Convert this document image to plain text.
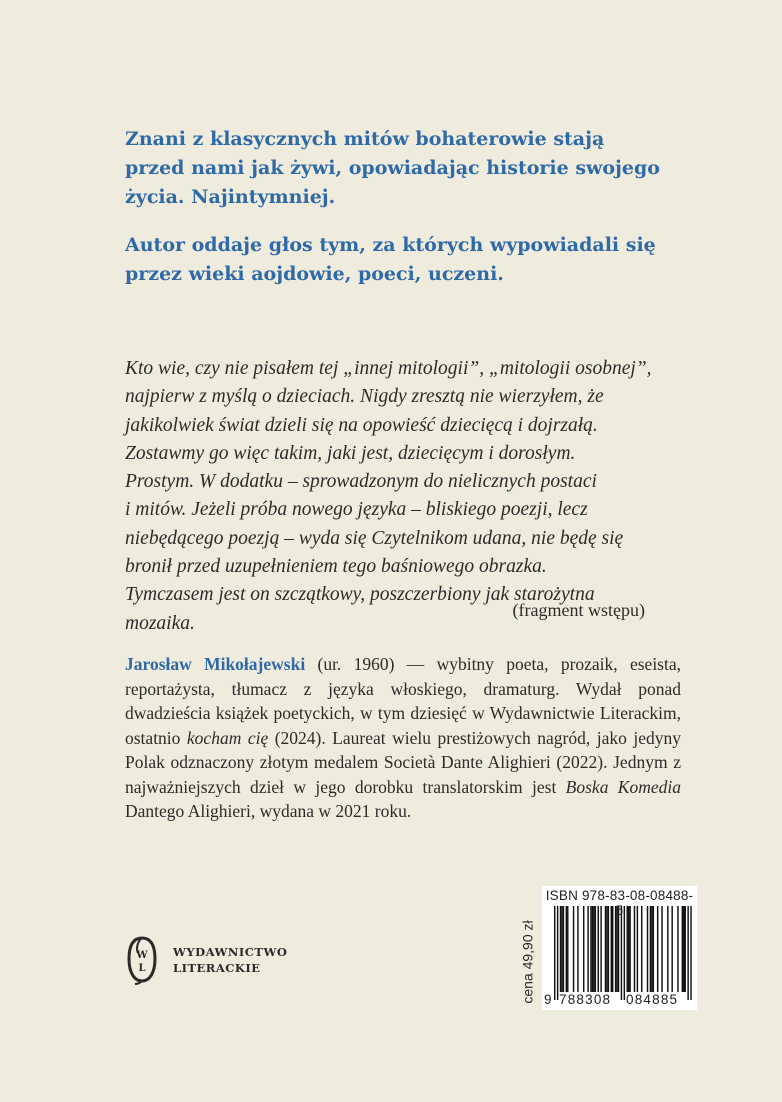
Znani z klasycznych mitów bohaterowie stają przed nami jak żywi, opowiadając historie swojego życia. Najintymniej.

Autor oddaje głos tym, za których wypowiadali się przez wieki aojdowie, poeci, uczeni.

Kto wie, czy nie pisałem tej „innej mitologii”, „mitologii osobnej”,
najpierw z myślą o dzieciach. Nigdy zresztą nie wierzyłem, że
jakikolwiek świat dzieli się na opowieść dziecięcą i dojrzałą.
Zostawmy go więc takim, jaki jest, dziecięcym i dorosłym.
Prostym. W dodatku – sprowadzonym do nielicznych postaci
i mitów. Jeżeli próba nowego języka – bliskiego poezji, lecz
niebędącego poezją – wyda się Czytelnikom udana, nie będę się
bronił przed uzupełnieniem tego baśniowego obrazka.
Tymczasem jest on szczątkowy, poszczerbiony jak starożytna
mozaika.
(fragment wstępu)
Jarosław Mikołajewski (ur. 1960) — wybitny poeta, prozaik, eseista, reportażysta, tłumacz z języka włoskiego, dramaturg. Wydał ponad dwadzieścia książek poetyckich, w tym dziesięć w Wydawnictwie Literackim, ostatnio kocham cię (2024). Laureat wielu prestiżowych nagród, jako jedyny Polak odznaczony złotym medalem Società Dante Alighieri (2022). Jednym z najważniejszych dzieł w jego dorobku translatorskim jest Boska Komedia Dantego Alighieri, wydana w 2021 roku.
W
L
WYDAWNICTWO
LITERACKIE	cena 49,90 zł
ISBN 978-83-08-08488-5
9 788308 084885
